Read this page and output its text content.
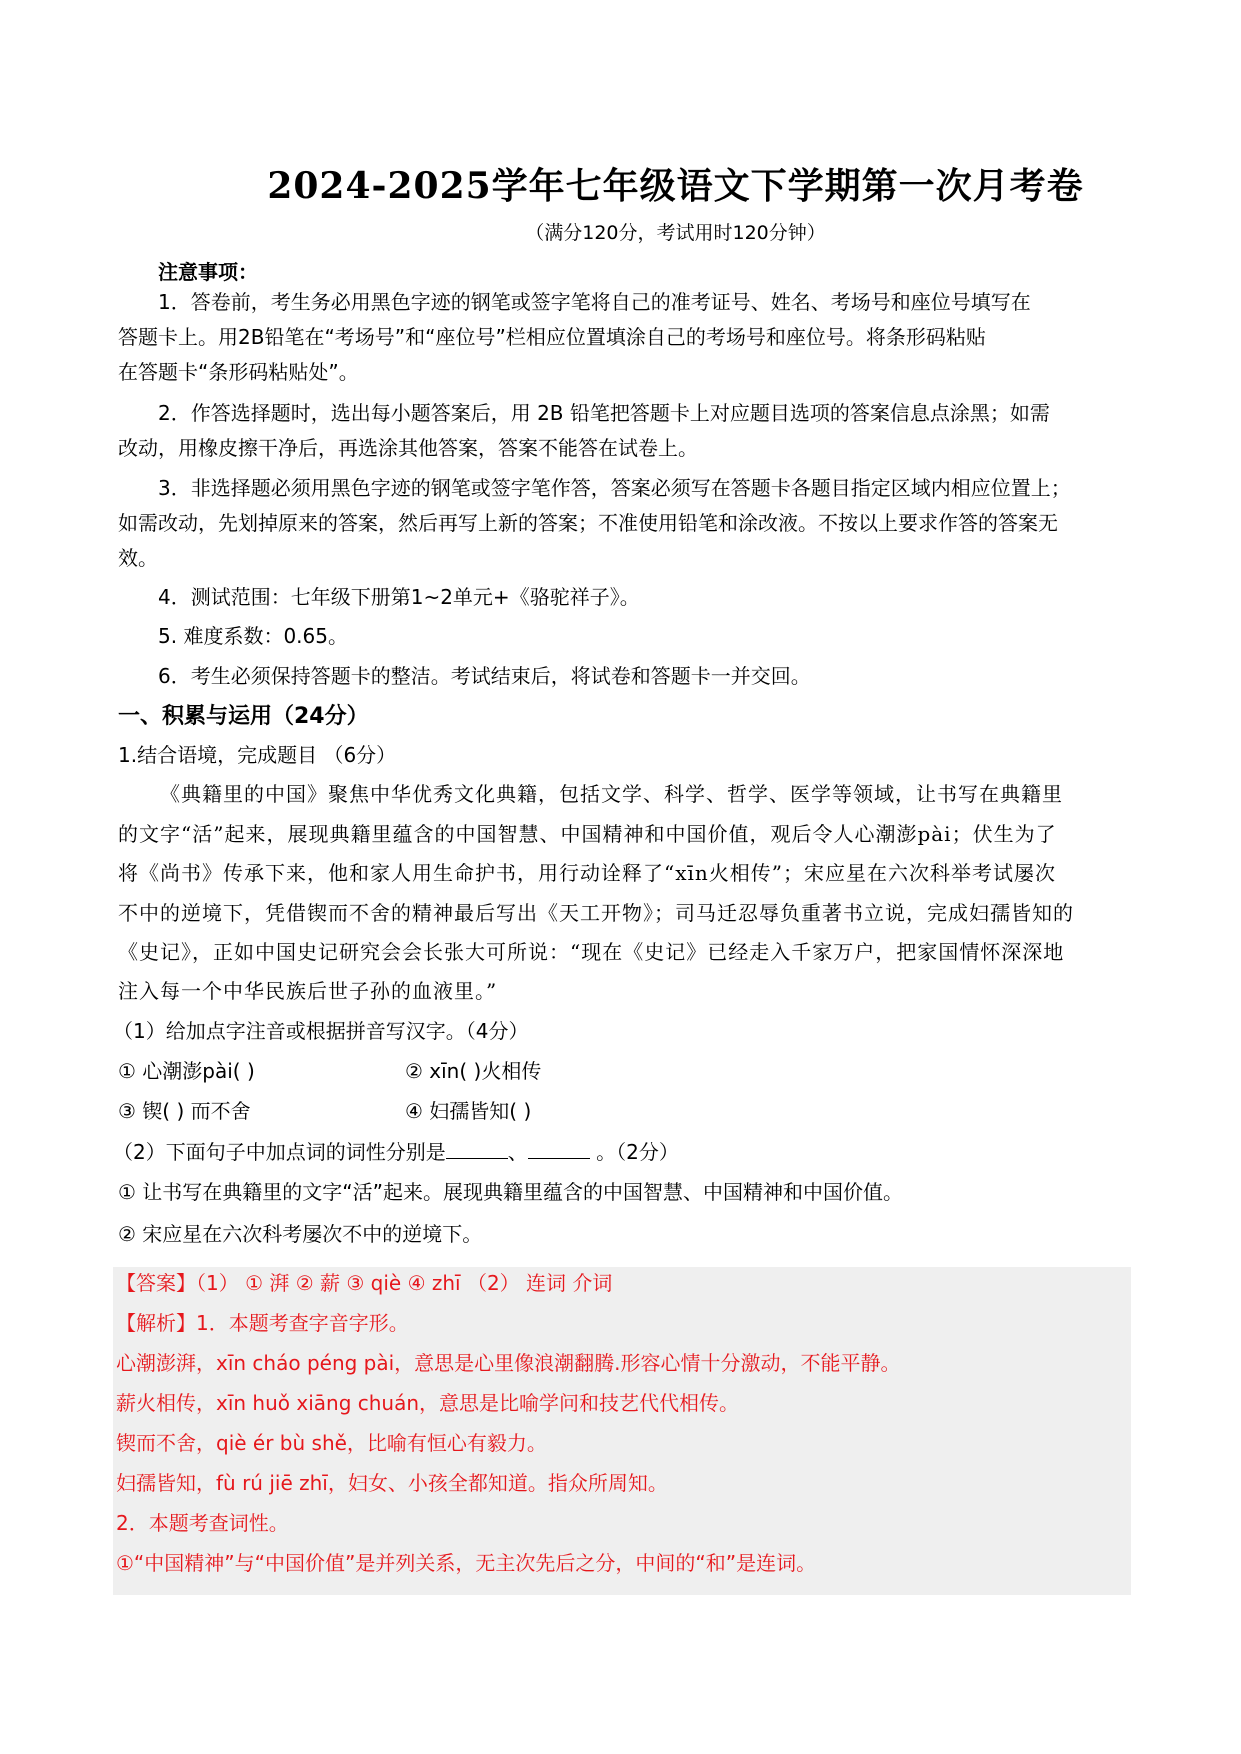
2024-2025学年七年级语文下学期第一次月考卷
（满分120分，考试用时120分钟）
注意事项：
1．答卷前，考生务必用黑色字迹的钢笔或签字笔将自己的准考证号、姓名、考场号和座位号填写在
答题卡上。用2B铅笔在“考场号”和“座位号”栏相应位置填涂自己的考场号和座位号。将条形码粘贴
在答题卡“条形码粘贴处”。
2．作答选择题时，选出每小题答案后，用 2B 铅笔把答题卡上对应题目选项的答案信息点涂黑；如需
改动，用橡皮擦干净后，再选涂其他答案，答案不能答在试卷上。
3．非选择题必须用黑色字迹的钢笔或签字笔作答，答案必须写在答题卡各题目指定区域内相应位置上；
如需改动，先划掉原来的答案，然后再写上新的答案；不准使用铅笔和涂改液。不按以上要求作答的答案无
效。
4．测试范围：七年级下册第1~2单元+《骆驼祥子》。
5. 难度系数：0.65。
6．考生必须保持答题卡的整洁。考试结束后，将试卷和答题卡一并交回。
一、积累与运用（24分）
1.结合语境，完成题目 （6分）
《典籍里的中国》聚焦中华优秀文化典籍，包括文学、科学、哲学、医学等领域，让书写在典籍里
的文字“活”起来，展现典籍里蕴含的中国智慧、中国精神和中国价值，观后令人心潮澎pài；伏生为了
将《尚书》传承下来，他和家人用生命护书，用行动诠释了“xīn火相传”；宋应星在六次科举考试屡次
不中的逆境下，凭借锲而不舍的精神最后写出《天工开物》；司马迁忍辱负重著书立说，完成妇孺皆知的
《史记》，正如中国史记研究会会长张大可所说：“现在《史记》已经走入千家万户，把家国情怀深深地
注入每一个中华民族后世子孙的血液里。”
（1）给加点字注音或根据拼音写汉字。（4分）
① 心潮澎pài( )	② xīn( )火相传
③ 锲( ) 而不舍	④ 妇孺皆知( )
（2）下面句子中加点词的词性分别是	、	。（2分）
① 让书写在典籍里的文字“活”起来。展现典籍里蕴含的中国智慧、中国精神和中国价值。
② 宋应星在六次科考屡次不中的逆境下。
【答案】（1） ① 湃 ② 薪 ③ qiè ④ zhī （2） 连词 介词
【解析】1．本题考查字音字形。
心潮澎湃，xīn cháo péng pài，意思是心里像浪潮翻腾.形容心情十分激动，不能平静。
薪火相传，xīn huǒ xiāng chuán，意思是比喻学问和技艺代代相传。
锲而不舍，qiè ér bù shě，比喻有恒心有毅力。
妇孺皆知，fù rú jiē zhī，妇女、小孩全都知道。指众所周知。
2．本题考查词性。
①“中国精神”与“中国价值”是并列关系，无主次先后之分，中间的“和”是连词。
